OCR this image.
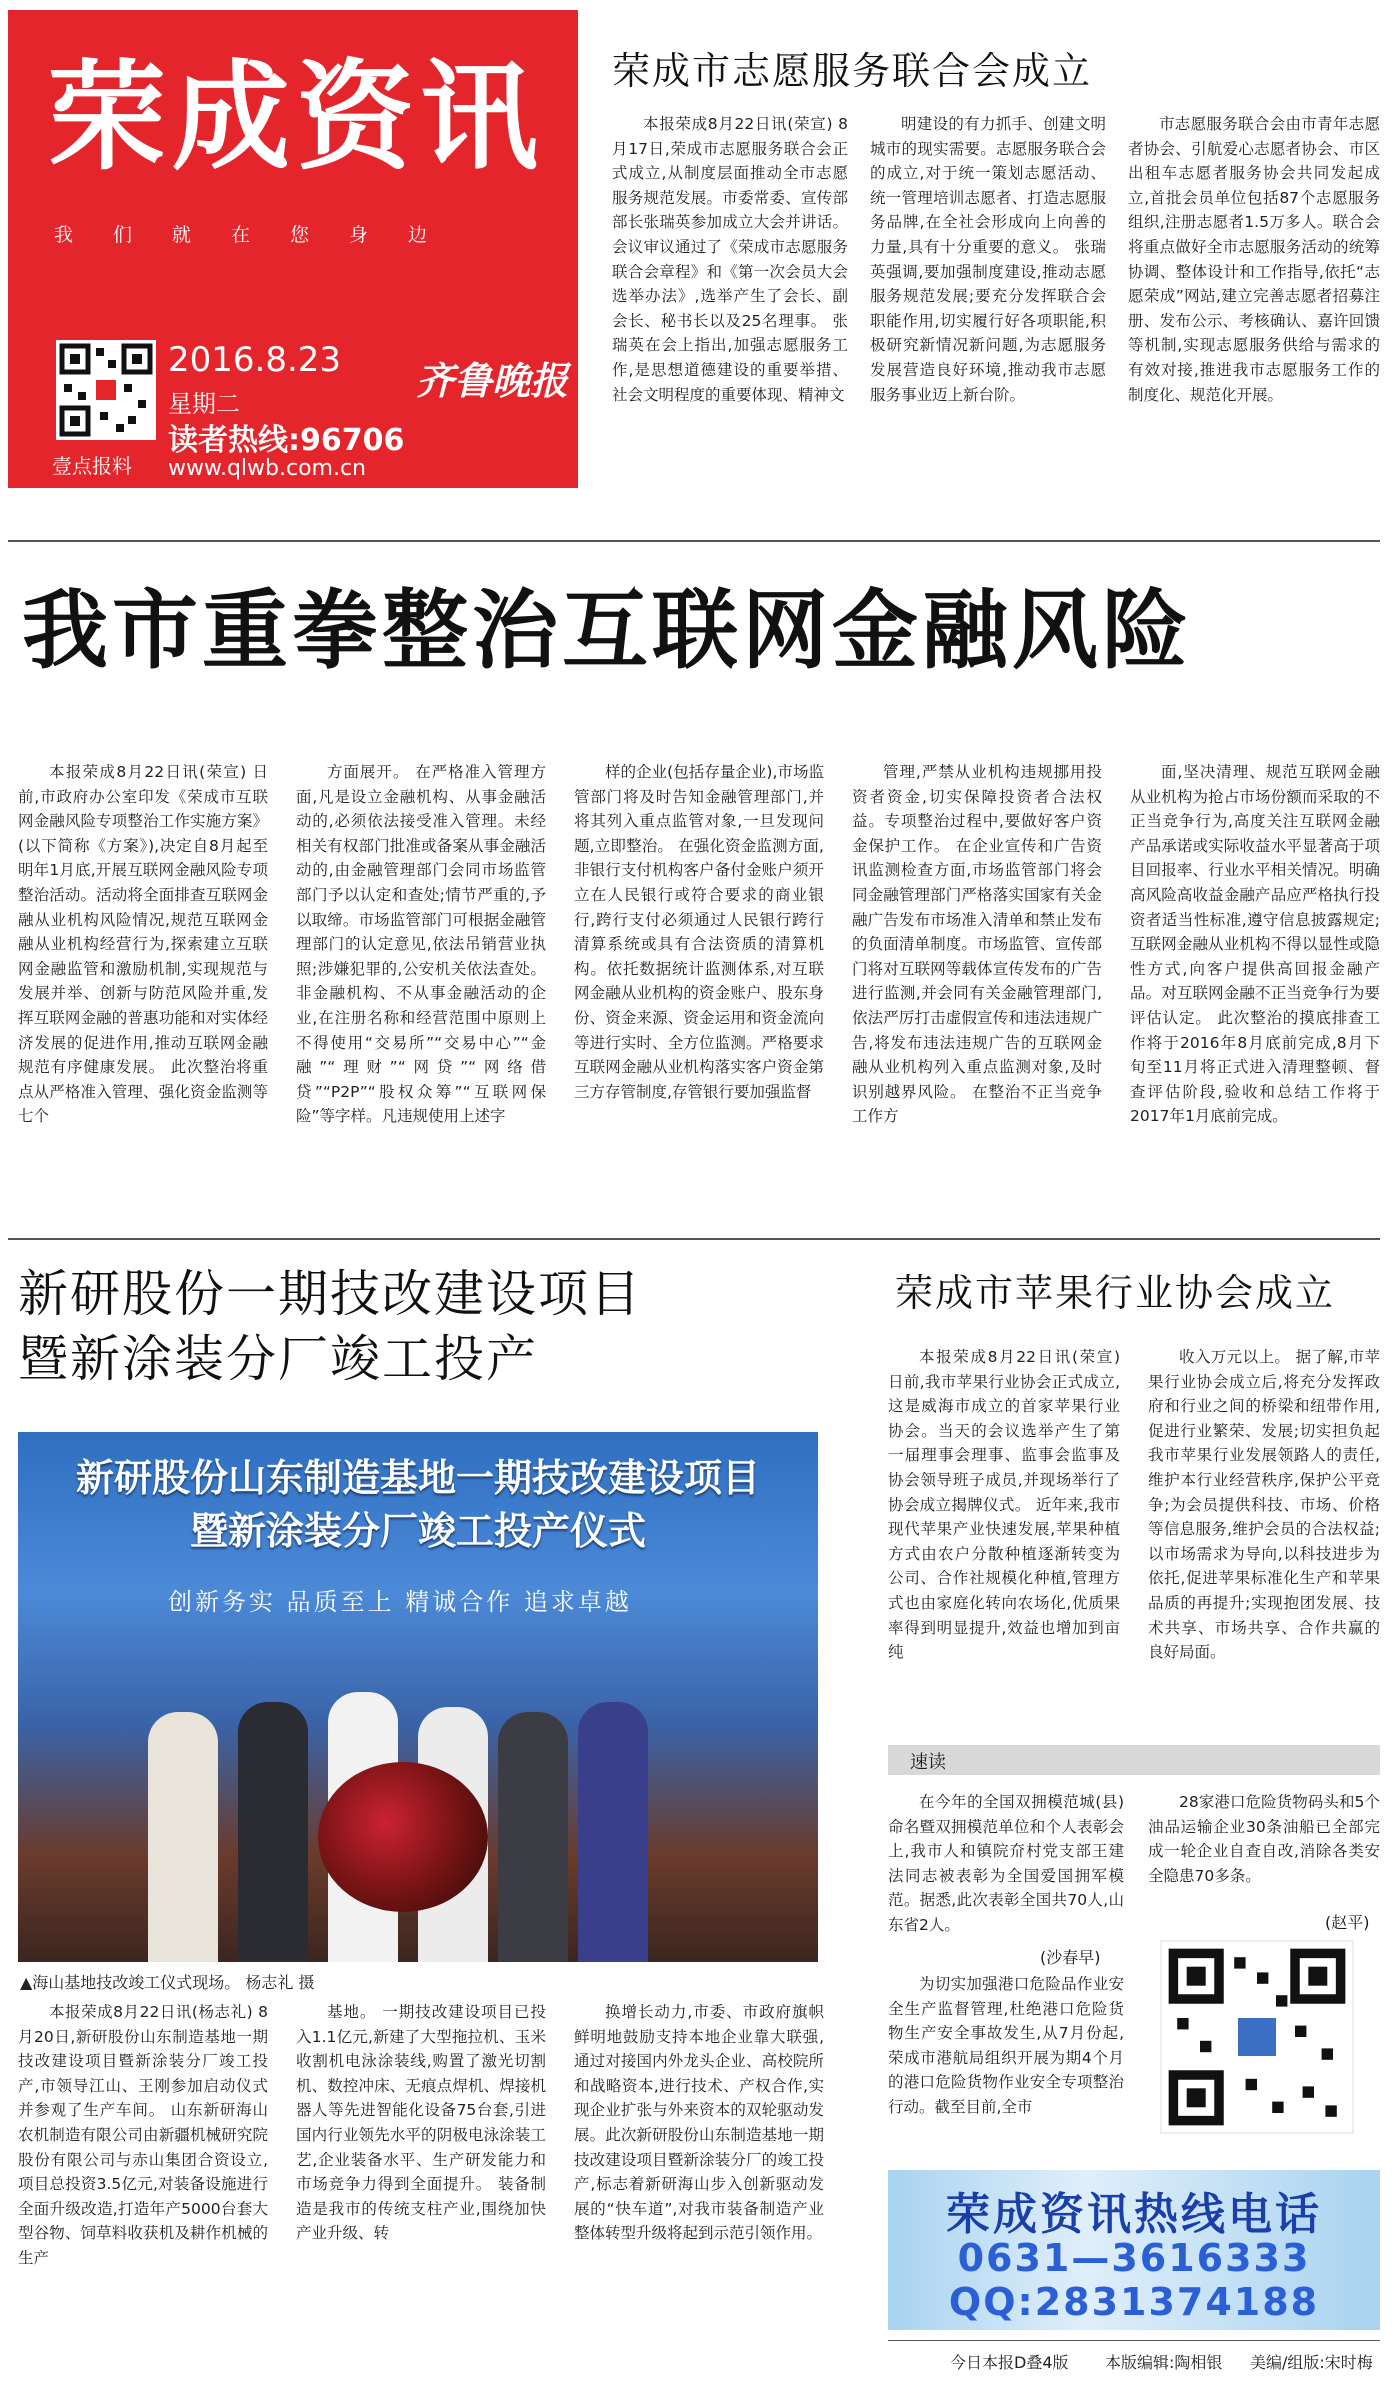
荣成资讯
我们就在您身边
壹点报料
2016.8.23
星期二
读者热线:96706
www.qlwb.com.cn
齐鲁晚报
荣成市志愿服务联合会成立

本报荣成8月22日讯(荣宣) 8月17日,荣成市志愿服务联合会正式成立,从制度层面推动全市志愿服务规范发展。市委常委、宣传部部长张瑞英参加成立大会并讲话。 会议审议通过了《荣成市志愿服务联合会章程》和《第一次会员大会选举办法》,选举产生了会长、副会长、秘书长以及25名理事。 张瑞英在会上指出,加强志愿服务工作,是思想道德建设的重要举措、社会文明程度的重要体现、精神文

明建设的有力抓手、创建文明城市的现实需要。志愿服务联合会的成立,对于统一策划志愿活动、统一管理培训志愿者、打造志愿服务品牌,在全社会形成向上向善的力量,具有十分重要的意义。 张瑞英强调,要加强制度建设,推动志愿服务规范发展;要充分发挥联合会职能作用,切实履行好各项职能,积极研究新情况新问题,为志愿服务发展营造良好环境,推动我市志愿服务事业迈上新台阶。

市志愿服务联合会由市青年志愿者协会、引航爱心志愿者协会、市区出租车志愿者服务协会共同发起成立,首批会员单位包括87个志愿服务组织,注册志愿者1.5万多人。联合会将重点做好全市志愿服务活动的统筹协调、整体设计和工作指导,依托“志愿荣成”网站,建立完善志愿者招募注册、发布公示、考核确认、嘉许回馈等机制,实现志愿服务供给与需求的有效对接,推进我市志愿服务工作的制度化、规范化开展。

我市重拳整治互联网金融风险

本报荣成8月22日讯(荣宣) 日前,市政府办公室印发《荣成市互联网金融风险专项整治工作实施方案》(以下简称《方案》),决定自8月起至明年1月底,开展互联网金融风险专项整治活动。活动将全面排查互联网金融从业机构风险情况,规范互联网金融从业机构经营行为,探索建立互联网金融监管和激励机制,实现规范与发展并举、创新与防范风险并重,发挥互联网金融的普惠功能和对实体经济发展的促进作用,推动互联网金融规范有序健康发展。 此次整治将重点从严格准入管理、强化资金监测等七个

方面展开。 在严格准入管理方面,凡是设立金融机构、从事金融活动的,必须依法接受准入管理。未经相关有权部门批准或备案从事金融活动的,由金融管理部门会同市场监管部门予以认定和查处;情节严重的,予以取缔。市场监管部门可根据金融管理部门的认定意见,依法吊销营业执照;涉嫌犯罪的,公安机关依法查处。非金融机构、不从事金融活动的企业,在注册名称和经营范围中原则上不得使用“交易所”“交易中心”“金融”“理财”“网贷”“网络借贷”“P2P”“股权众筹”“互联网保险”等字样。凡违规使用上述字

样的企业(包括存量企业),市场监管部门将及时告知金融管理部门,并将其列入重点监管对象,一旦发现问题,立即整治。 在强化资金监测方面,非银行支付机构客户备付金账户须开立在人民银行或符合要求的商业银行,跨行支付必须通过人民银行跨行清算系统或具有合法资质的清算机构。依托数据统计监测体系,对互联网金融从业机构的资金账户、股东身份、资金来源、资金运用和资金流向等进行实时、全方位监测。严格要求互联网金融从业机构落实客户资金第三方存管制度,存管银行要加强监督

管理,严禁从业机构违规挪用投资者资金,切实保障投资者合法权益。专项整治过程中,要做好客户资金保护工作。 在企业宣传和广告资讯监测检查方面,市场监管部门将会同金融管理部门严格落实国家有关金融广告发布市场准入清单和禁止发布的负面清单制度。市场监管、宣传部门将对互联网等载体宣传发布的广告进行监测,并会同有关金融管理部门,依法严厉打击虚假宣传和违法违规广告,将发布违法违规广告的互联网金融从业机构列入重点监测对象,及时识别越界风险。 在整治不正当竞争工作方

面,坚决清理、规范互联网金融从业机构为抢占市场份额而采取的不正当竞争行为,高度关注互联网金融产品承诺或实际收益水平显著高于项目回报率、行业水平相关情况。明确高风险高收益金融产品应严格执行投资者适当性标准,遵守信息披露规定;互联网金融从业机构不得以显性或隐性方式,向客户提供高回报金融产品。对互联网金融不正当竞争行为要评估认定。 此次整治的摸底排查工作将于2016年8月底前完成,8月下旬至11月将正式进入清理整顿、督查评估阶段,验收和总结工作将于2017年1月底前完成。

新研股份一期技改建设项目
暨新涂装分厂竣工投产
新研股份山东制造基地一期技改建设项目暨新涂装分厂竣工投产仪式
创新务实 品质至上 精诚合作 追求卓越
▲海山基地技改竣工仪式现场。 杨志礼 摄

本报荣成8月22日讯(杨志礼) 8月20日,新研股份山东制造基地一期技改建设项目暨新涂装分厂竣工投产,市领导江山、王刚参加启动仪式并参观了生产车间。 山东新研海山农机制造有限公司由新疆机械研究院股份有限公司与赤山集团合资设立,项目总投资3.5亿元,对装备设施进行全面升级改造,打造年产5000台套大型谷物、饲草料收获机及耕作机械的生产

基地。 一期技改建设项目已投入1.1亿元,新建了大型拖拉机、玉米收割机电泳涂装线,购置了激光切割机、数控冲床、无痕点焊机、焊接机器人等先进智能化设备75台套,引进国内行业领先水平的阴极电泳涂装工艺,企业装备水平、生产研发能力和市场竞争力得到全面提升。 装备制造是我市的传统支柱产业,围绕加快产业升级、转

换增长动力,市委、市政府旗帜鲜明地鼓励支持本地企业靠大联强,通过对接国内外龙头企业、高校院所和战略资本,进行技术、产权合作,实现企业扩张与外来资本的双轮驱动发展。此次新研股份山东制造基地一期技改建设项目暨新涂装分厂的竣工投产,标志着新研海山步入创新驱动发展的“快车道”,对我市装备制造产业整体转型升级将起到示范引领作用。

荣成市苹果行业协会成立

本报荣成8月22日讯(荣宣) 日前,我市苹果行业协会正式成立,这是威海市成立的首家苹果行业协会。当天的会议选举产生了第一届理事会理事、监事会监事及协会领导班子成员,并现场举行了协会成立揭牌仪式。 近年来,我市现代苹果产业快速发展,苹果种植方式由农户分散种植逐渐转变为公司、合作社规模化种植,管理方式也由家庭化转向农场化,优质果率得到明显提升,效益也增加到亩纯

收入万元以上。 据了解,市苹果行业协会成立后,将充分发挥政府和行业之间的桥梁和纽带作用,促进行业繁荣、发展;切实担负起我市苹果行业发展领路人的责任,维护本行业经营秩序,保护公平竞争;为会员提供科技、市场、价格等信息服务,维护会员的合法权益;以市场需求为导向,以科技进步为依托,促进苹果标准化生产和苹果品质的再提升;实现抱团发展、技术共享、市场共享、合作共赢的良好局面。

速读

在今年的全国双拥模范城(县)命名暨双拥模范单位和个人表彰会上,我市人和镇院夼村党支部王建法同志被表彰为全国爱国拥军模范。据悉,此次表彰全国共70人,山东省2人。

(沙春早)

为切实加强港口危险品作业安全生产监督管理,杜绝港口危险货物生产安全事故发生,从7月份起,荣成市港航局组织开展为期4个月的港口危险货物作业安全专项整治行动。截至目前,全市

28家港口危险货物码头和5个油品运输企业30条油船已全部完成一轮企业自查自改,消除各类安全隐患70多条。

(赵平)
荣成资讯热线电话
0631—3616333
QQ:2831374188
今日本报D叠4版 本版编辑:陶相银 美编/组版:宋时梅
